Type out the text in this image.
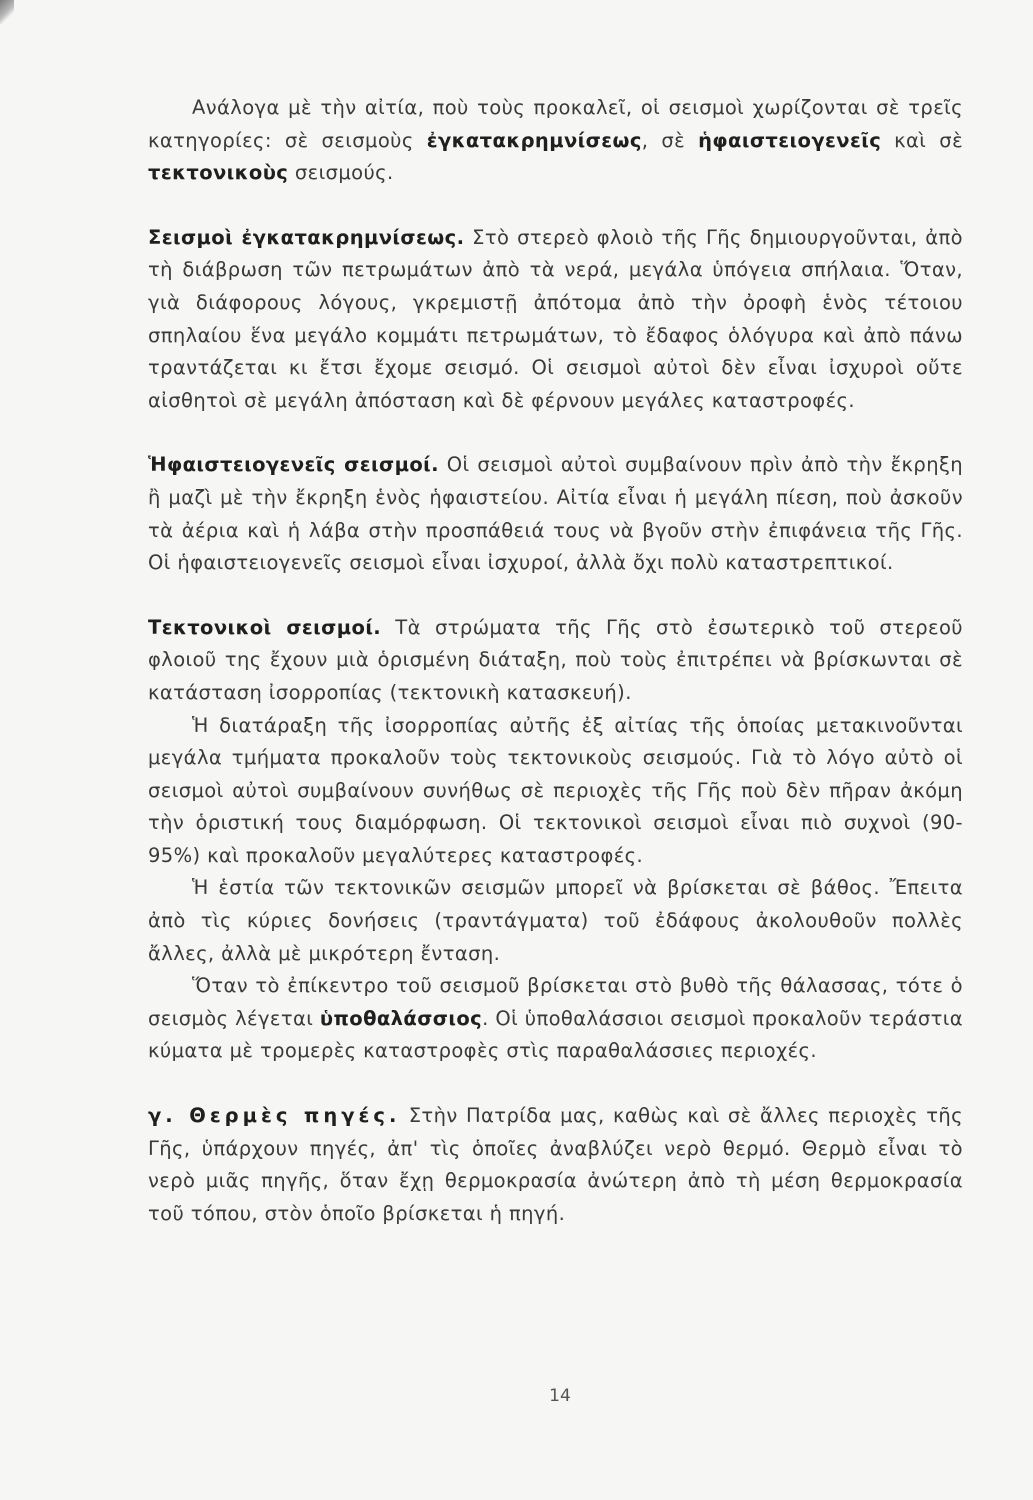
Ανάλογα μὲ τὴν αἰτία, ποὺ τοὺς προκαλεῖ, οἱ σεισμοὶ χωρίζονται σὲ τρεῖς κατηγορίες: σὲ σεισμοὺς ἐγκατακρημνίσεως, σὲ ἡφαιστειογενεῖς καὶ σὲ τεκτονικοὺς σεισμούς.

Σεισμοὶ ἐγκατακρημνίσεως. Στὸ στερεὸ φλοιὸ τῆς Γῆς δημιουργοῦνται, ἀπὸ τὴ διάβρωση τῶν πετρωμάτων ἀπὸ τὰ νερά, μεγάλα ὑπόγεια σπήλαια. Ὅταν, γιὰ διάφορους λόγους, γκρεμιστῇ ἀπότομα ἀπὸ τὴν ὀροφὴ ἑνὸς τέτοιου σπηλαίου ἕνα μεγάλο κομμάτι πετρωμάτων, τὸ ἔδαφος ὁλόγυρα καὶ ἀπὸ πάνω τραντάζεται κι ἔτσι ἔχομε σεισμό. Οἱ σεισμοὶ αὐτοὶ δὲν εἶναι ἰσχυροὶ οὔτε αἰσθητοὶ σὲ μεγάλη ἀπόσταση καὶ δὲ φέρνουν μεγάλες καταστροφές.

Ἡφαιστειογενεῖς σεισμοί. Οἱ σεισμοὶ αὐτοὶ συμβαίνουν πρὶν ἀπὸ τὴν ἔκρηξη ἢ μαζὶ μὲ τὴν ἔκρηξη ἑνὸς ἡφαιστείου. Αἰτία εἶναι ἡ μεγάλη πίεση, ποὺ ἀσκοῦν τὰ ἀέρια καὶ ἡ λάβα στὴν προσπάθειά τους νὰ βγοῦν στὴν ἐπιφάνεια τῆς Γῆς. Οἱ ἡφαιστειογενεῖς σεισμοὶ εἶναι ἰσχυροί, ἀλλὰ ὄχι πολὺ καταστρεπτικοί.

Τεκτονικοὶ σεισμοί. Τὰ στρώματα τῆς Γῆς στὸ ἐσωτερικὸ τοῦ στερεοῦ φλοιοῦ της ἔχουν μιὰ ὁρισμένη διάταξη, ποὺ τοὺς ἐπιτρέπει νὰ βρίσκωνται σὲ κατάσταση ἰσορροπίας (τεκτονικὴ κατασκευή).

Ἡ διατάραξη τῆς ἰσορροπίας αὐτῆς ἐξ αἰτίας τῆς ὁποίας μετακινοῦνται μεγάλα τμήματα προκαλοῦν τοὺς τεκτονικοὺς σεισμούς. Γιὰ τὸ λόγο αὐτὸ οἱ σεισμοὶ αὐτοὶ συμβαίνουν συνήθως σὲ περιοχὲς τῆς Γῆς ποὺ δὲν πῆραν ἀκόμη τὴν ὁριστική τους διαμόρφωση. Οἱ τεκτονικοὶ σεισμοὶ εἶναι πιὸ συχνοὶ (90-95%) καὶ προκαλοῦν μεγαλύτερες καταστροφές.

Ἡ ἑστία τῶν τεκτονικῶν σεισμῶν μπορεῖ νὰ βρίσκεται σὲ βάθος. Ἔπειτα ἀπὸ τὶς κύριες δονήσεις (τραντάγματα) τοῦ ἐδάφους ἀκολουθοῦν πολλὲς ἄλλες, ἀλλὰ μὲ μικρότερη ἔνταση.

Ὅταν τὸ ἐπίκεντρο τοῦ σεισμοῦ βρίσκεται στὸ βυθὸ τῆς θάλασσας, τότε ὁ σεισμὸς λέγεται ὑποθαλάσσιος. Οἱ ὑποθαλάσσιοι σεισμοὶ προκαλοῦν τεράστια κύματα μὲ τρομερὲς καταστροφὲς στὶς παραθαλάσσιες περιοχές.

γ. Θερμὲς πηγές. Στὴν Πατρίδα μας, καθὼς καὶ σὲ ἄλλες περιοχὲς τῆς Γῆς, ὑπάρχουν πηγές, ἀπ' τὶς ὁποῖες ἀναβλύζει νερὸ θερμό. Θερμὸ εἶναι τὸ νερὸ μιᾶς πηγῆς, ὅταν ἔχῃ θερμοκρασία ἀνώτερη ἀπὸ τὴ μέση θερμοκρασία τοῦ τόπου, στὸν ὁποῖο βρίσκεται ἡ πηγή.

14
